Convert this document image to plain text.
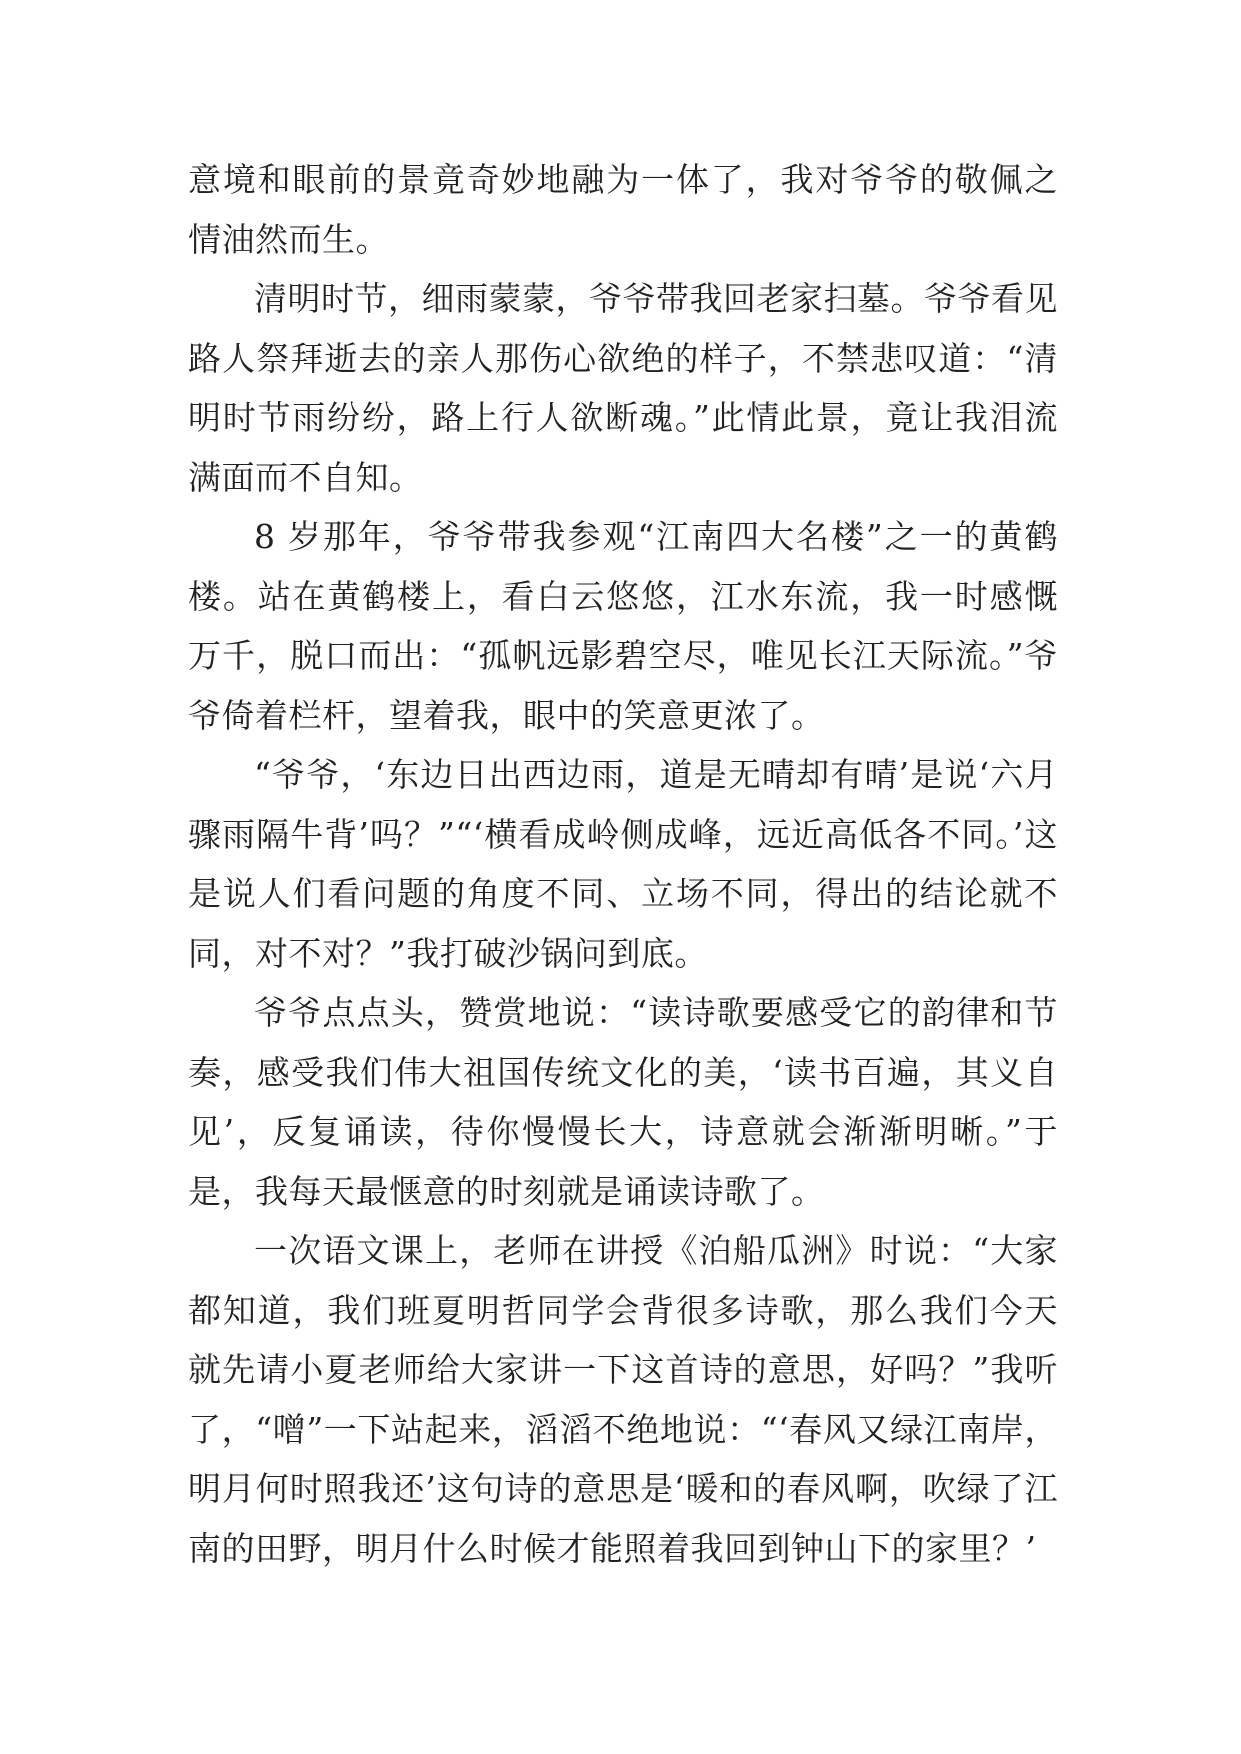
意境和眼前的景竟奇妙地融为一体了，我对爷爷的敬佩之情油然而生。

清明时节，细雨蒙蒙，爷爷带我回老家扫墓。爷爷看见路人祭拜逝去的亲人那伤心欲绝的样子，不禁悲叹道：“清明时节雨纷纷，路上行人欲断魂。”此情此景，竟让我泪流满面而不自知。

8 岁那年，爷爷带我参观“江南四大名楼”之一的黄鹤楼。站在黄鹤楼上，看白云悠悠，江水东流，我一时感慨万千，脱口而出：“孤帆远影碧空尽，唯见长江天际流。”爷爷倚着栏杆，望着我，眼中的笑意更浓了。

“爷爷，‘东边日出西边雨，道是无晴却有晴’是说‘六月骤雨隔牛背’吗？”“‘横看成岭侧成峰，远近高低各不同。’这是说人们看问题的角度不同、立场不同，得出的结论就不同，对不对？”我打破沙锅问到底。

爷爷点点头，赞赏地说：“读诗歌要感受它的韵律和节奏，感受我们伟大祖国传统文化的美，‘读书百遍，其义自见’，反复诵读，待你慢慢长大，诗意就会渐渐明晰。”于是，我每天最惬意的时刻就是诵读诗歌了。

一次语文课上，老师在讲授《泊船瓜洲》时说：“大家都知道，我们班夏明哲同学会背很多诗歌，那么我们今天就先请小夏老师给大家讲一下这首诗的意思，好吗？”我听了，“噌”一下站起来，滔滔不绝地说：“‘春风又绿江南岸，明月何时照我还’这句诗的意思是‘暖和的春风啊，吹绿了江南的田野，明月什么时候才能照着我回到钟山下的家里？’
